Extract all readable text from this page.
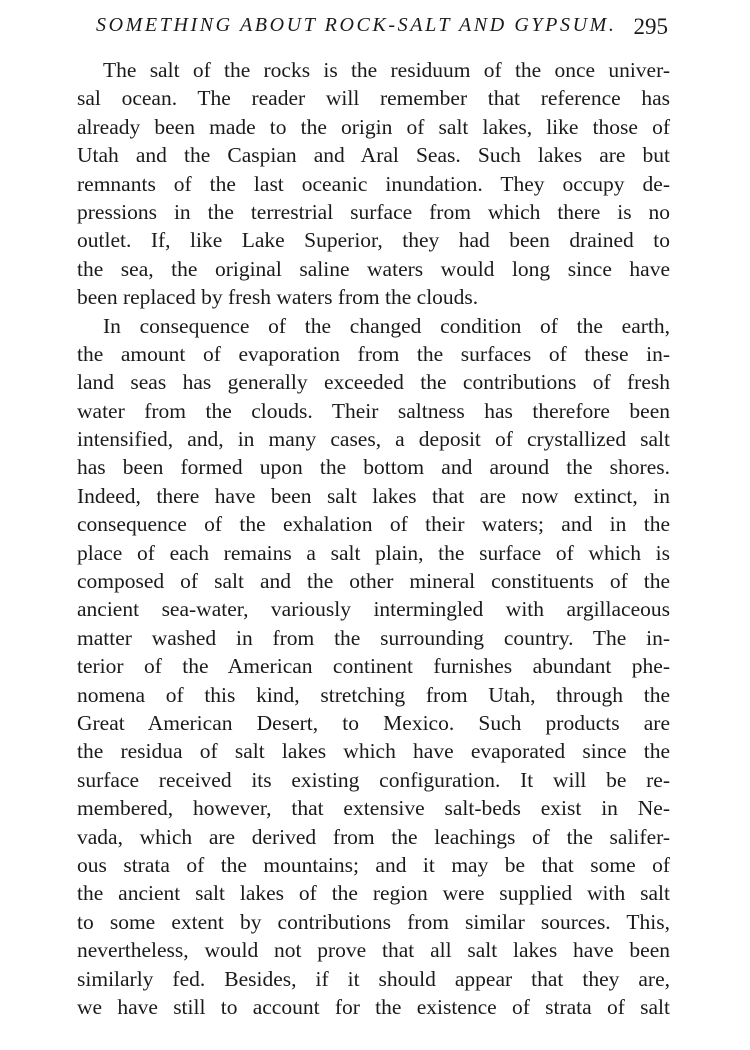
SOMETHING ABOUT ROCK-SALT AND GYPSUM. 295
The salt of the rocks is the residuum of the once univer-
sal ocean. The reader will remember that reference has
already been made to the origin of salt lakes, like those of
Utah and the Caspian and Aral Seas. Such lakes are but
remnants of the last oceanic inundation. They occupy de-
pressions in the terrestrial surface from which there is no
outlet. If, like Lake Superior, they had been drained to
the sea, the original saline waters would long since have
been replaced by fresh waters from the clouds.
In consequence of the changed condition of the earth,
the amount of evaporation from the surfaces of these in-
land seas has generally exceeded the contributions of fresh
water from the clouds. Their saltness has therefore been
intensified, and, in many cases, a deposit of crystallized salt
has been formed upon the bottom and around the shores.
Indeed, there have been salt lakes that are now extinct, in
consequence of the exhalation of their waters; and in the
place of each remains a salt plain, the surface of which is
composed of salt and the other mineral constituents of the
ancient sea-water, variously intermingled with argillaceous
matter washed in from the surrounding country. The in-
terior of the American continent furnishes abundant phe-
nomena of this kind, stretching from Utah, through the
Great American Desert, to Mexico. Such products are
the residua of salt lakes which have evaporated since the
surface received its existing configuration. It will be re-
membered, however, that extensive salt-beds exist in Ne-
vada, which are derived from the leachings of the salifer-
ous strata of the mountains; and it may be that some of
the ancient salt lakes of the region were supplied with salt
to some extent by contributions from similar sources. This,
nevertheless, would not prove that all salt lakes have been
similarly fed. Besides, if it should appear that they are,
we have still to account for the existence of strata of salt
